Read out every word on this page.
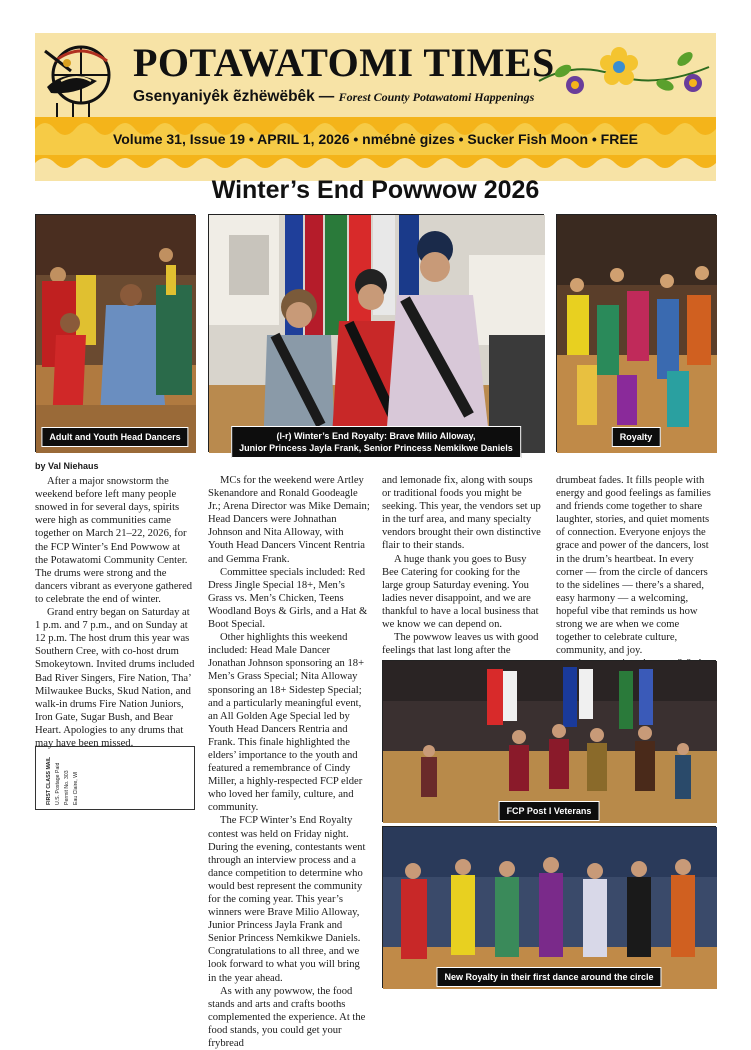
POTAWATOMI TIMES
Gsenyaniyêk ẽzhëwëbêk — Forest County Potawatomi Happenings
Volume 31, Issue 19 • APRIL 1, 2026 • nmébnė gizes • Sucker Fish Moon • FREE
Winter’s End Powwow 2026
Adult and Youth Head Dancers	(l-r) Winter’s End Royalty: Brave Milio Alloway,
Junior Princess Jayla Frank, Senior Princess Nemkikwe Daniels
Royalty
by Val Niehaus

After a major snowstorm the weekend before left many people snowed in for several days, spirits were high as communities came together on March 21–22, 2026, for the FCP Winter’s End Powwow at the Potawatomi Community Center. The drums were strong and the dancers vibrant as everyone gathered to celebrate the end of winter.

Grand entry began on Saturday at 1 p.m. and 7 p.m., and on Sunday at 12 p.m. The host drum this year was Southern Cree, with co-host drum Smokeytown. Invited drums included Bad River Singers, Fire Nation, Tha’ Milwaukee Bucks, Skud Nation, and walk-in drums Fire Nation Juniors, Iron Gate, Sugar Bush, and Bear Heart. Apologies to any drums that may have been missed.

FIRST CLASS MAIL U.S. Postage Paid Permit No. 303 Eau Claire, WI

MCs for the weekend were Artley Skenandore and Ronald Goodeagle Jr.; Arena Director was Mike Demain; Head Dancers were Johnathan Johnson and Nita Alloway, with Youth Head Dancers Vincent Rentria and Gemma Frank.

Committee specials included: Red Dress Jingle Special 18+, Men’s Grass vs. Men’s Chicken, Teens Woodland Boys & Girls, and a Hat & Boot Special.

Other highlights this weekend included: Head Male Dancer Jonathan Johnson sponsoring an 18+ Men’s Grass Special; Nita Alloway sponsoring an 18+ Sidestep Special; and a particularly meaningful event, an All Golden Age Special led by Youth Head Dancers Rentria and Frank. This finale highlighted the elders’ importance to the youth and featured a remembrance of Cindy Miller, a highly-respected FCP elder who loved her family, culture, and community.

The FCP Winter’s End Royalty contest was held on Friday night. During the evening, contestants went through an interview process and a dance competition to determine who would best represent the community for the coming year. This year’s winners were Brave Milio Alloway, Junior Princess Jayla Frank and Senior Princess Nemkikwe Daniels. Congratulations to all three, and we look forward to what you will bring in the year ahead.

As with any powwow, the food stands and arts and crafts booths complemented the experience. At the food stands, you could get your frybread

and lemonade fix, along with soups or traditional foods you might be seeking. This year, the vendors set up in the turf area, and many specialty vendors brought their own distinctive flair to their stands.

A huge thank you goes to Busy Bee Catering for cooking for the large group Saturday evening. You ladies never disappoint, and we are thankful to have a local business that we know we can depend on.

The powwow leaves us with good feelings that last long after the

drumbeat fades. It fills people with energy and good feelings as families and friends come together to share laughter, stories, and quiet moments of connection. Everyone enjoys the grace and power of the dancers, lost in the drum’s heartbeat. In every corner — from the circle of dancers to the sidelines — there’s a shared, easy harmony — a welcoming, hopeful vibe that reminds us how strong we are when we come together to celebrate culture, community, and joy.

FCP Post I Veterans
New Royalty in their first dance around the circle
